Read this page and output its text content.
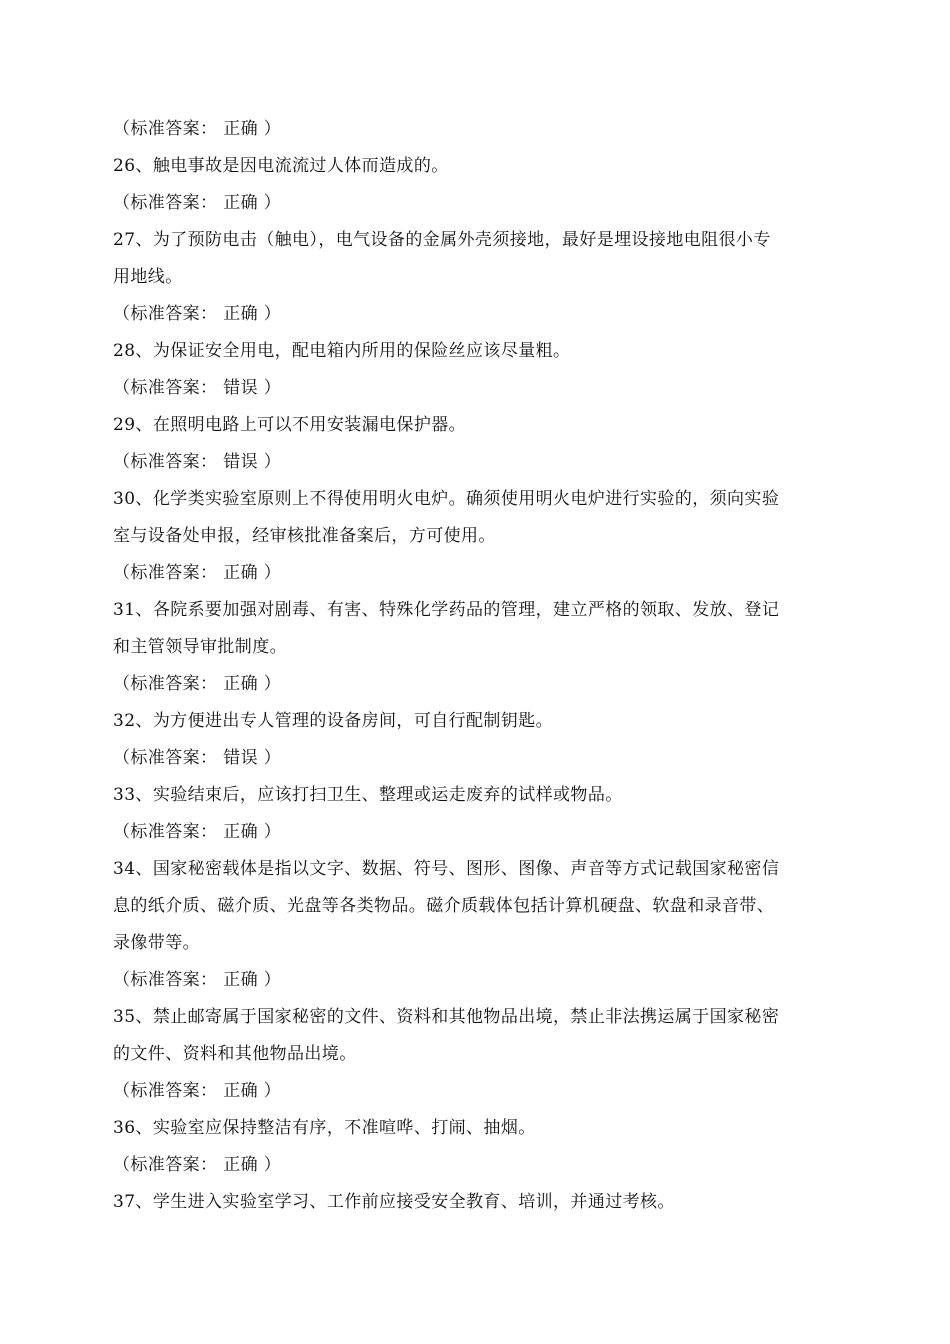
（标准答案： 正确 ）
26、触电事故是因电流流过人体而造成的。
（标准答案： 正确 ）
27、为了预防电击（触电），电气设备的金属外壳须接地，最好是埋设接地电阻很小专
用地线。
（标准答案： 正确 ）
28、为保证安全用电，配电箱内所用的保险丝应该尽量粗。
（标准答案： 错误 ）
29、在照明电路上可以不用安装漏电保护器。
（标准答案： 错误 ）
30、化学类实验室原则上不得使用明火电炉。确须使用明火电炉进行实验的，须向实验
室与设备处申报，经审核批准备案后，方可使用。
（标准答案： 正确 ）
31、各院系要加强对剧毒、有害、特殊化学药品的管理，建立严格的领取、发放、登记
和主管领导审批制度。
（标准答案： 正确 ）
32、为方便进出专人管理的设备房间，可自行配制钥匙。
（标准答案： 错误 ）
33、实验结束后，应该打扫卫生、整理或运走废弃的试样或物品。
（标准答案： 正确 ）
34、国家秘密载体是指以文字、数据、符号、图形、图像、声音等方式记载国家秘密信
息的纸介质、磁介质、光盘等各类物品。磁介质载体包括计算机硬盘、软盘和录音带、
录像带等。
（标准答案： 正确 ）
35、禁止邮寄属于国家秘密的文件、资料和其他物品出境，禁止非法携运属于国家秘密
的文件、资料和其他物品出境。
（标准答案： 正确 ）
36、实验室应保持整洁有序，不准喧哗、打闹、抽烟。
（标准答案： 正确 ）
37、学生进入实验室学习、工作前应接受安全教育、培训，并通过考核。
